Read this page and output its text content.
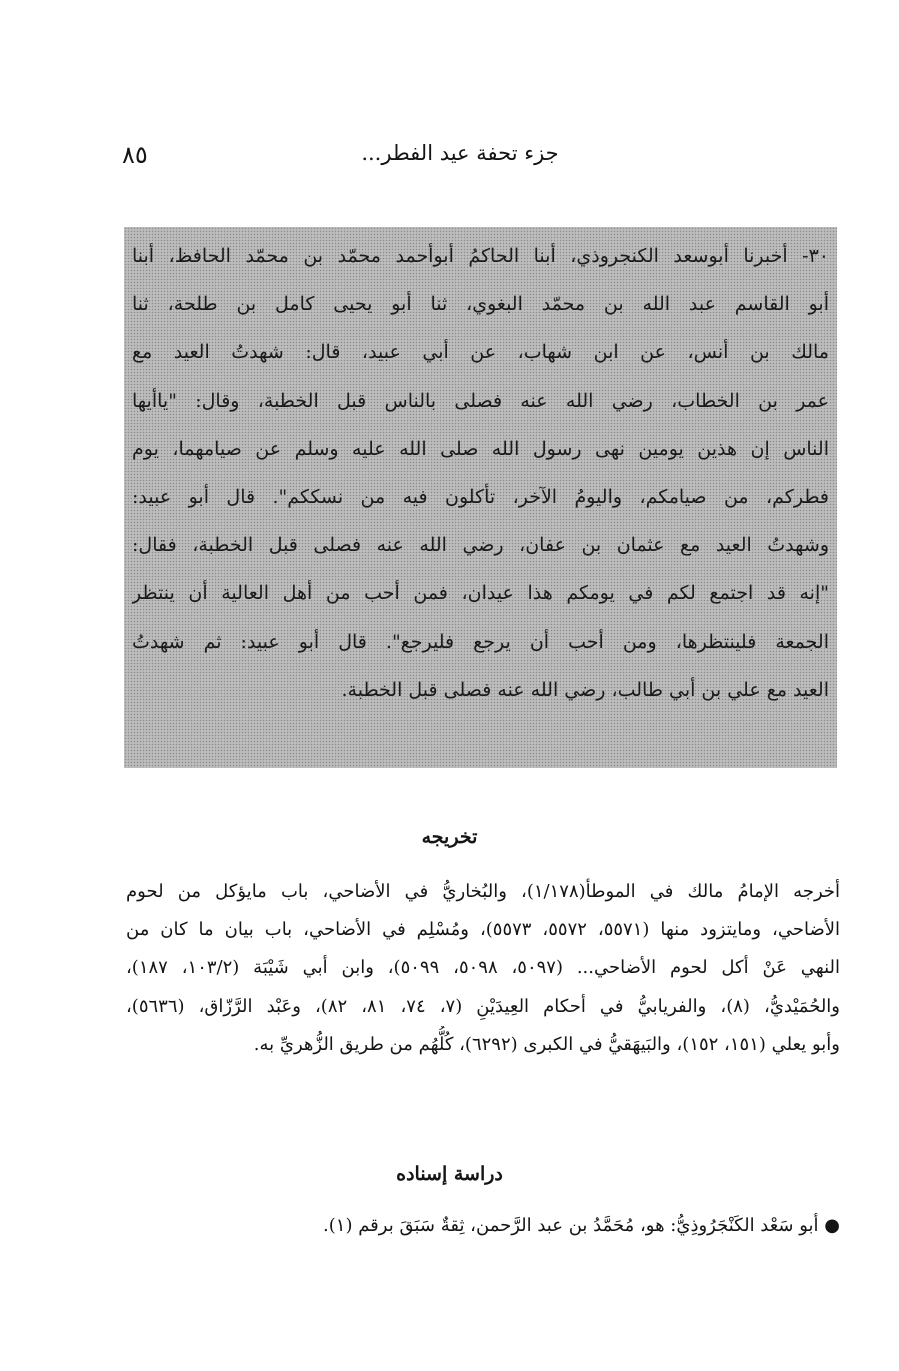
٨٥	جزء تحفة عيد الفطر...
٣٠- أخبرنا أبوسعد الكنجروذي، أبنا الحاكمُ أبوأحمد محمّد بن محمّد الحافظ، أبنا
أبو القاسم عبد الله بن محمّد البغوي، ثنا أبو يحيى كامل بن طلحة، ثنا
مالك بن أنس، عن ابن شهاب، عن أبي عبيد، قال: شهدتُ العيد مع
عمر بن الخطاب، رضي الله عنه فصلى بالناس قبل الخطبة، وقال: "ياأيها
الناس إن هذين يومين نهى رسول الله صلى الله عليه وسلم عن صيامهما، يوم
فطركم، من صيامكم، واليومُ الآخر، تأكلون فيه من نسككم". قال أبو عبيد:
وشهدتُ العيد مع عثمان بن عفان، رضي الله عنه فصلى قبل الخطبة، فقال:
"إنه قد اجتمع لكم في يومكم هذا عيدان، فمن أحب من أهل العالية أن ينتظر
الجمعة فلينتظرها، ومن أحب أن يرجع فليرجع". قال أبو عبيد: ثم شهدتُ
العيد مع علي بن أبي طالب، رضي الله عنه فصلى قبل الخطبة.
تخريجه
أخرجه الإمامُ مالك في الموطأ(١/١٧٨)، والبُخاريُّ في الأضاحي، باب مايؤكل من لحوم
الأضاحي، ومايتزود منها (٥٥٧١، ٥٥٧٢، ٥٥٧٣)، ومُسْلِم في الأضاحي، باب بيان ما كان من
النهي عَنْ أكل لحوم الأضاحي... (٥٠٩٧، ٥٠٩٨، ٥٠٩٩)، وابن أبي شَيْبَة (١٠٣/٢، ١٨٧)،
والحُمَيْديُّ، (٨)، والفريابيُّ في أحكام العِيدَيْنِ (٧، ٧٤، ٨١، ٨٢)، وعَبْد الرَّزّاق، (٥٦٣٦)،
وأبو يعلي (١٥١، ١٥٢)، والبَيهَقيُّ في الكبرى (٦٢٩٢)، كُلُّهُم من طريق الزُّهريِّ به.
دراسة إسناده
● أبو سَعْد الكَنْجَرُوذِيُّ: هو، مُحَمَّدُ بن عبد الرَّحمن، ثِقةٌ سَبَقَ برقم (١).
